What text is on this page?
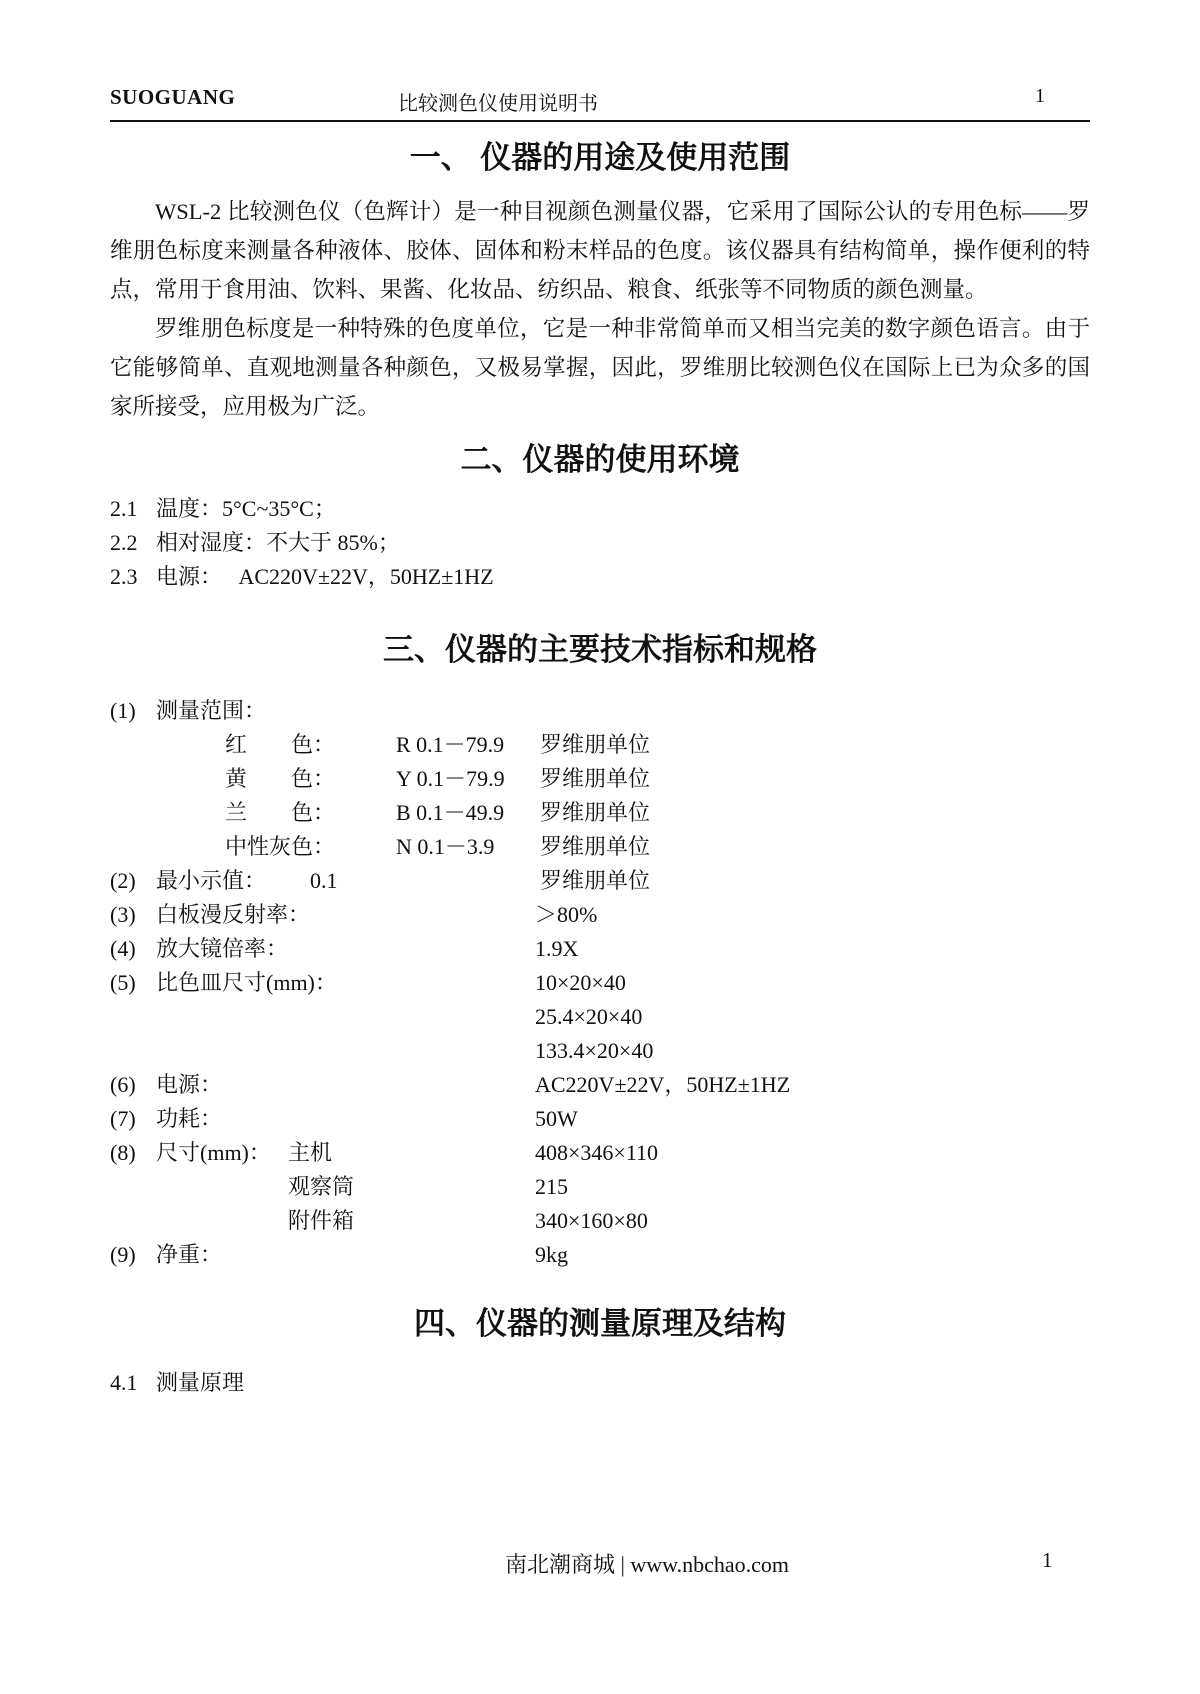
SUOGUANG	比较测色仪使用说明书	1
一、 仪器的用途及使用范围

WSL-2 比较测色仪（色辉计）是一种目视颜色测量仪器，它采用了国际公认的专用色标——罗维朋色标度来测量各种液体、胶体、固体和粉末样品的色度。该仪器具有结构简单，操作便利的特点，常用于食用油、饮料、果酱、化妆品、纺织品、粮食、纸张等不同物质的颜色测量。

罗维朋色标度是一种特殊的色度单位，它是一种非常简单而又相当完美的数字颜色语言。由于它能够简单、直观地测量各种颜色，又极易掌握，因此，罗维朋比较测色仪在国际上已为众多的国家所接受，应用极为广泛。

二、仪器的使用环境
2.1 温度：5°C~35°C；
2.2 相对湿度：不大于 85%；
2.3 电源：　 AC220V±22V，50HZ±1HZ
三、仪器的主要技术指标和规格
(1) 测量范围：
红　　色：	R 0.1－79.9	罗维朋单位
黄　　色：	Y 0.1－79.9	罗维朋单位
兰　　色：	B 0.1－49.9	罗维朋单位
中性灰色：	N 0.1－3.9	罗维朋单位
(2) 最小示值：	0.1	罗维朋单位
(3) 白板漫反射率：	＞80%
(4) 放大镜倍率：	1.9X
(5) 比色皿尺寸(mm)：	10×20×40
25.4×20×40
133.4×20×40
(6) 电源：	AC220V±22V，50HZ±1HZ
(7) 功耗：	50W
(8) 尺寸(mm)： 主机	408×346×110
观察筒	215
附件箱	340×160×80
(9) 净重：	9kg
四、仪器的测量原理及结构
4.1 测量原理
南北潮商城 | www.nbchao.com	1
